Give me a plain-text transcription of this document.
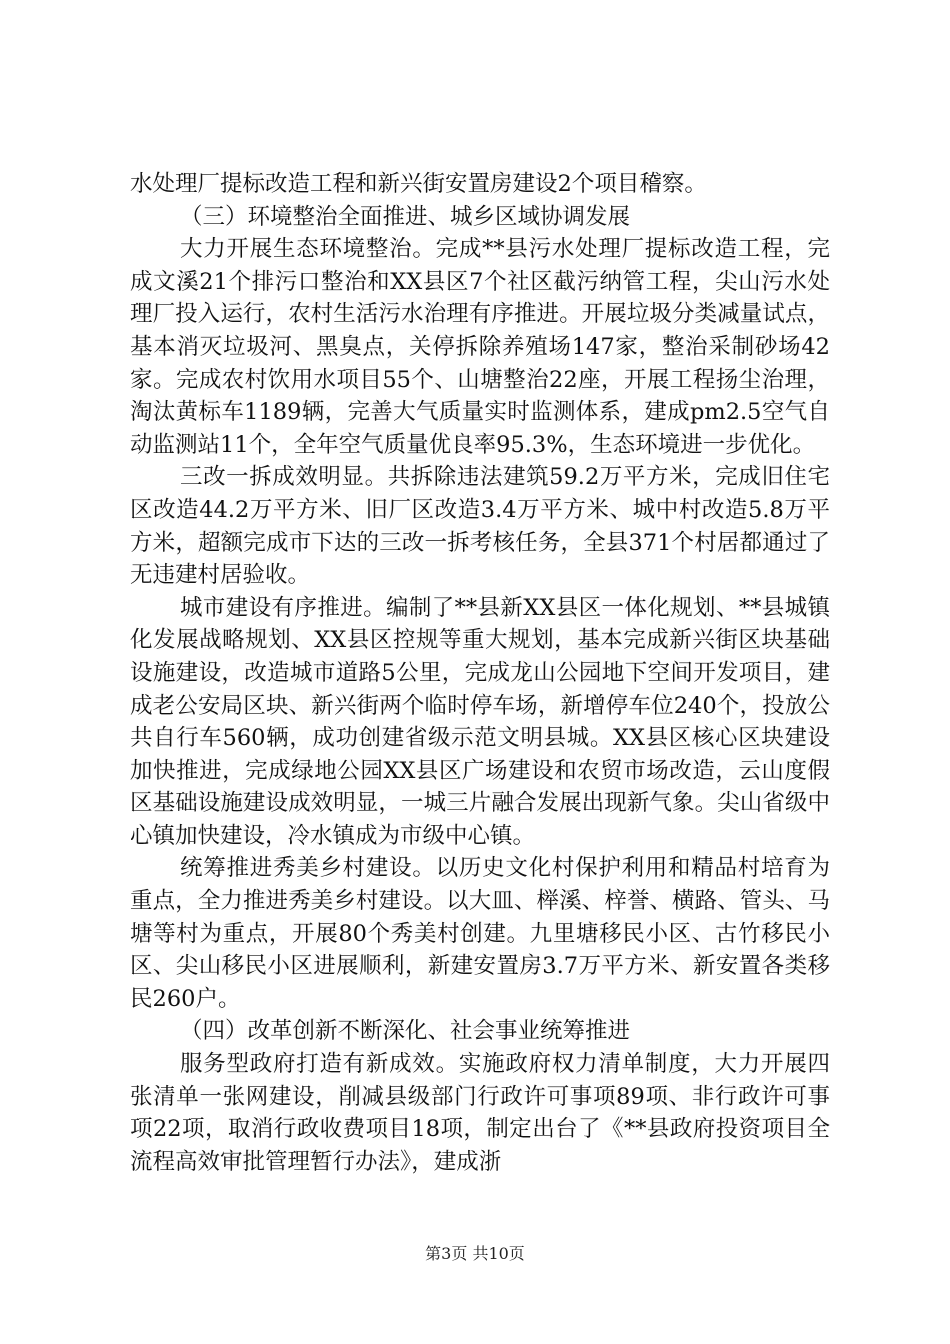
水处理厂提标改造工程和新兴街安置房建设2个项目稽察。

（三）环境整治全面推进、城乡区域协调发展

大力开展生态环境整治。完成**县污水处理厂提标改造工程，完成文溪21个排污口整治和XX县区7个社区截污纳管工程，尖山污水处理厂投入运行，农村生活污水治理有序推进。开展垃圾分类减量试点，基本消灭垃圾河、黑臭点，关停拆除养殖场147家，整治采制砂场42家。完成农村饮用水项目55个、山塘整治22座，开展工程扬尘治理，淘汰黄标车1189辆，完善大气质量实时监测体系，建成pm2.5空气自动监测站11个，全年空气质量优良率95.3%，生态环境进一步优化。

三改一拆成效明显。共拆除违法建筑59.2万平方米，完成旧住宅区改造44.2万平方米、旧厂区改造3.4万平方米、城中村改造5.8万平方米，超额完成市下达的三改一拆考核任务，全县371个村居都通过了无违建村居验收。

城市建设有序推进。编制了**县新XX县区一体化规划、**县城镇化发展战略规划、XX县区控规等重大规划，基本完成新兴街区块基础设施建设，改造城市道路5公里，完成龙山公园地下空间开发项目，建成老公安局区块、新兴街两个临时停车场，新增停车位240个，投放公共自行车560辆，成功创建省级示范文明县城。XX县区核心区块建设加快推进，完成绿地公园XX县区广场建设和农贸市场改造，云山度假区基础设施建设成效明显，一城三片融合发展出现新气象。尖山省级中心镇加快建设，冷水镇成为市级中心镇。

统筹推进秀美乡村建设。以历史文化村保护利用和精品村培育为重点，全力推进秀美乡村建设。以大皿、榉溪、梓誉、横路、管头、马塘等村为重点，开展80个秀美村创建。九里塘移民小区、古竹移民小区、尖山移民小区进展顺利，新建安置房3.7万平方米、新安置各类移民260户。

（四）改革创新不断深化、社会事业统筹推进

服务型政府打造有新成效。实施政府权力清单制度，大力开展四张清单一张网建设，削减县级部门行政许可事项89项、非行政许可事项22项，取消行政收费项目18项，制定出台了《**县政府投资项目全流程高效审批管理暂行办法》，建成浙

第3页 共10页
